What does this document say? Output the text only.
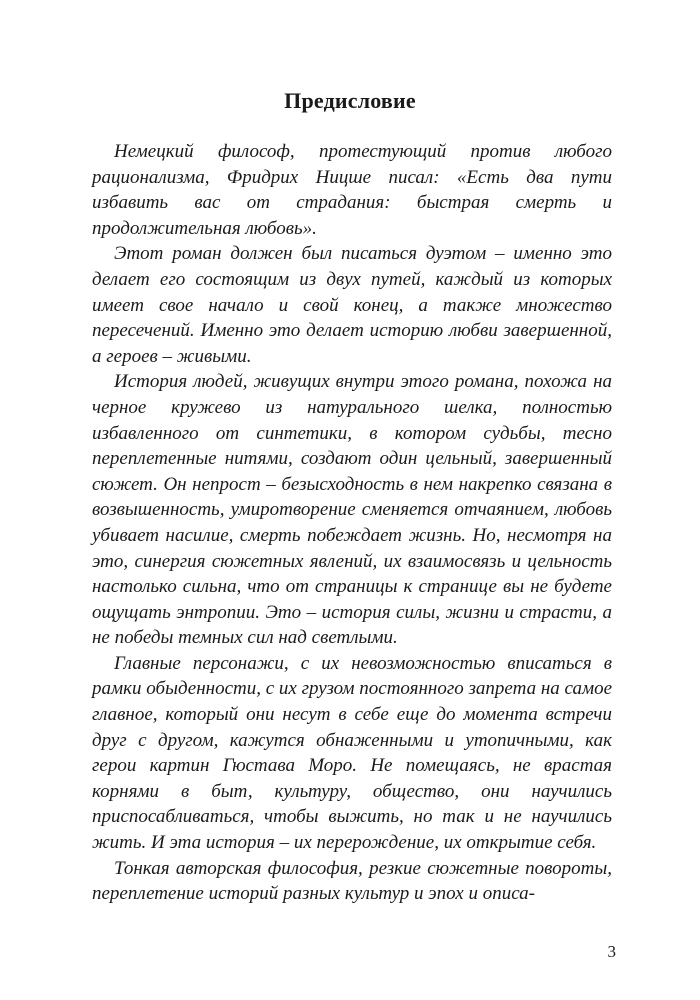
Предисловие

Немецкий философ, протестующий против любого рационализма, Фридрих Ницше писал: «Есть два пути избавить вас от страдания: быстрая смерть и продолжительная любовь».

Этот роман должен был писаться дуэтом – именно это делает его состоящим из двух путей, каждый из которых имеет свое начало и свой конец, а также множество пересечений. Именно это делает историю любви завершенной, а героев – живыми.

История людей, живущих внутри этого романа, похожа на черное кружево из натурального шелка, полностью избавленного от синтетики, в котором судьбы, тесно переплетенные нитями, создают один цельный, завершенный сюжет. Он непрост – безысходность в нем накрепко связана в возвышенность, умиротворение сменяется отчаянием, любовь убивает насилие, смерть побеждает жизнь. Но, несмотря на это, синергия сюжетных явлений, их взаимосвязь и цельность настолько сильна, что от страницы к странице вы не будете ощущать энтропии. Это – история силы, жизни и страсти, а не победы темных сил над светлыми.

Главные персонажи, с их невозможностью вписаться в рамки обыденности, с их грузом постоянного запрета на самое главное, который они несут в себе еще до момента встречи друг с другом, кажутся обнаженными и утопичными, как герои картин Гюстава Моро. Не помещаясь, не врастая корнями в быт, культуру, общество, они научились приспосабливаться, чтобы выжить, но так и не научились жить. И эта история – их перерождение, их открытие себя.

Тонкая авторская философия, резкие сюжетные повороты, переплетение историй разных культур и эпох и описа-

3
